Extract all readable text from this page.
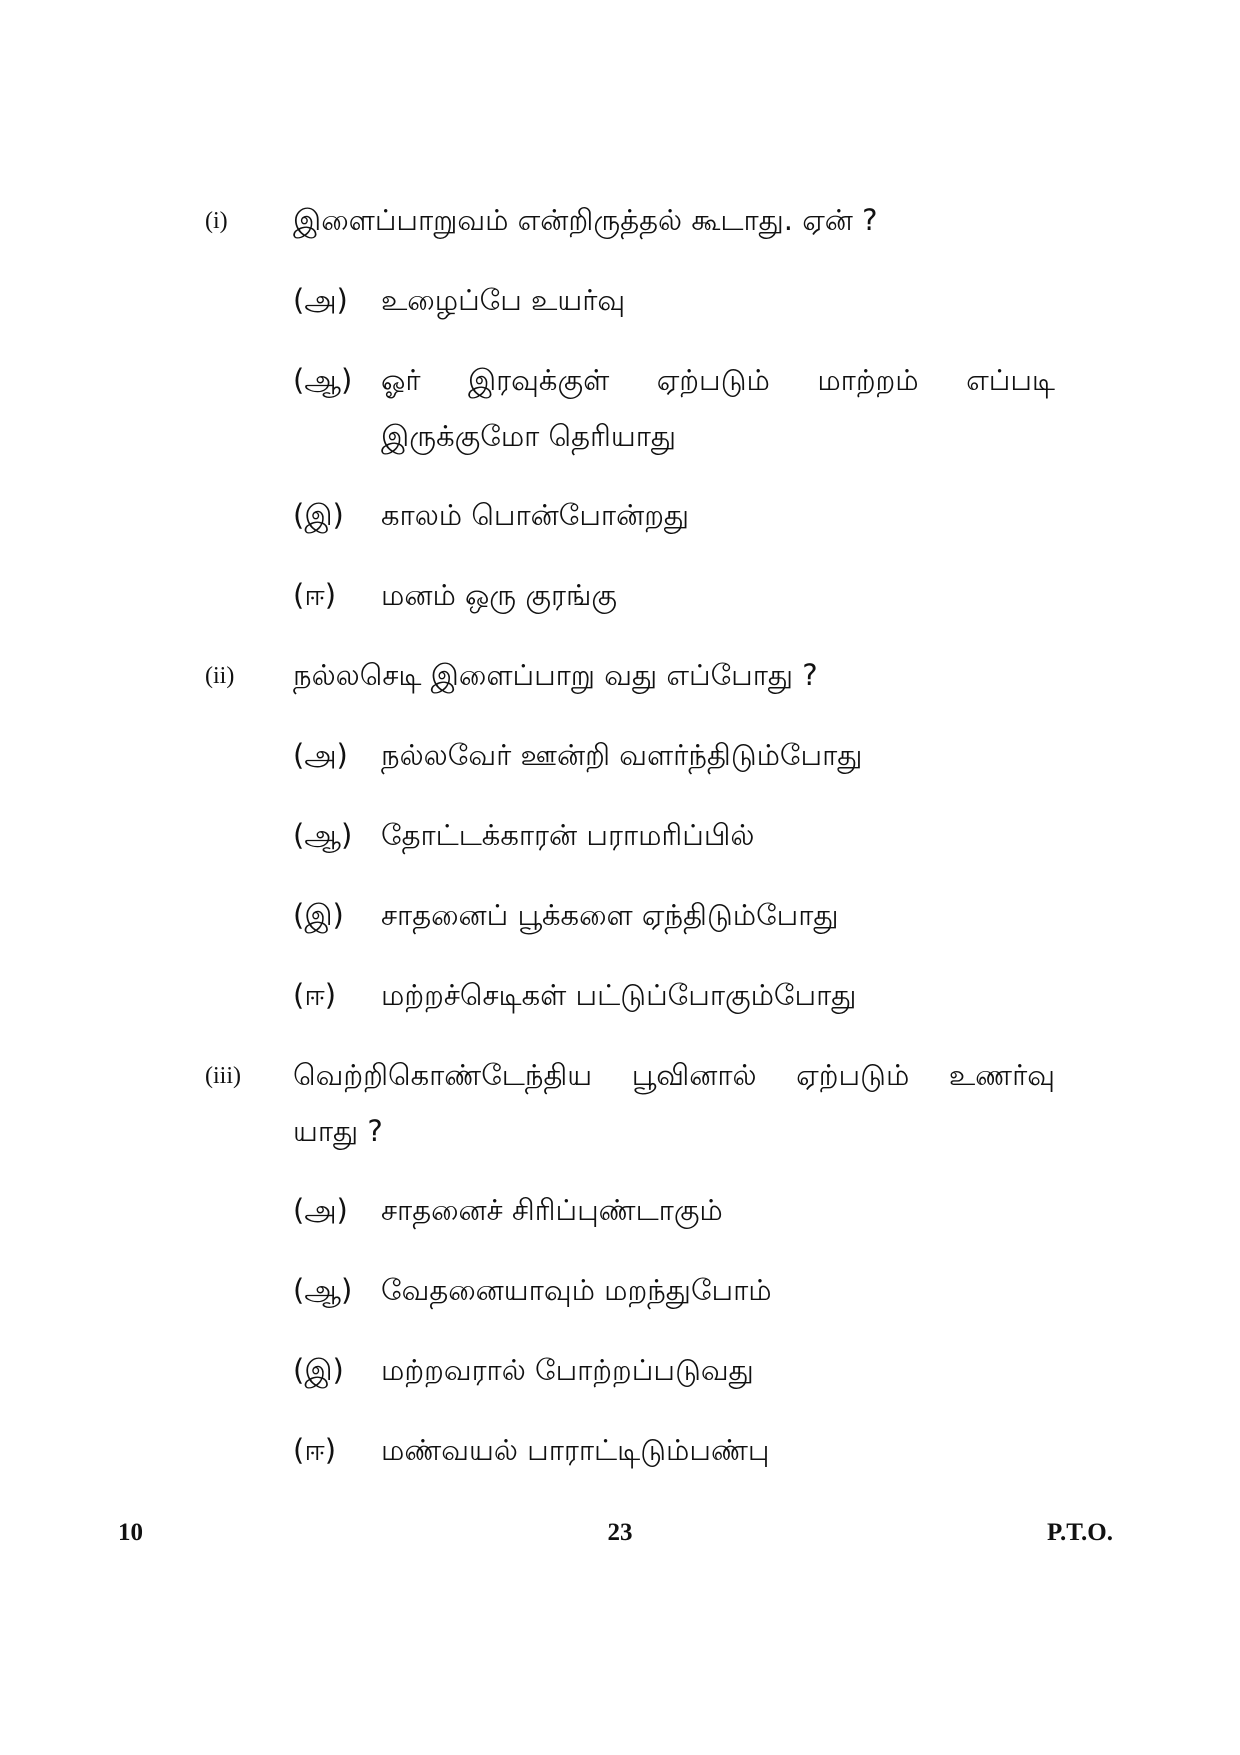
(i)	இளைப்பாறுவம் என்றிருத்தல் கூடாது. ஏன் ?
(அ) உழைப்பே உயர்வு
(ஆ) ஓர் இரவுக்குள் ஏற்படும் மாற்றம் எப்படி
இருக்குமோ தெரியாது
(இ) காலம் பொன்போன்றது
(ஈ) மனம் ஒரு குரங்கு
(ii)	நல்லசெடி இளைப்பாறு வது எப்போது ?
(அ) நல்லவேர் ஊன்றி வளர்ந்திடும்போது
(ஆ) தோட்டக்காரன் பராமரிப்பில்
(இ) சாதனைப் பூக்களை ஏந்திடும்போது
(ஈ) மற்றச்செடிகள் பட்டுப்போகும்போது
(iii)	வெற்றிகொண்டேந்திய பூவினால் ஏற்படும் உணர்வு
யாது ?
(அ) சாதனைச் சிரிப்புண்டாகும்
(ஆ) வேதனையாவும் மறந்துபோம்
(இ) மற்றவரால் போற்றப்படுவது
(ஈ) மண்வயல் பாராட்டிடும்பண்பு
10	23	P.T.O.
